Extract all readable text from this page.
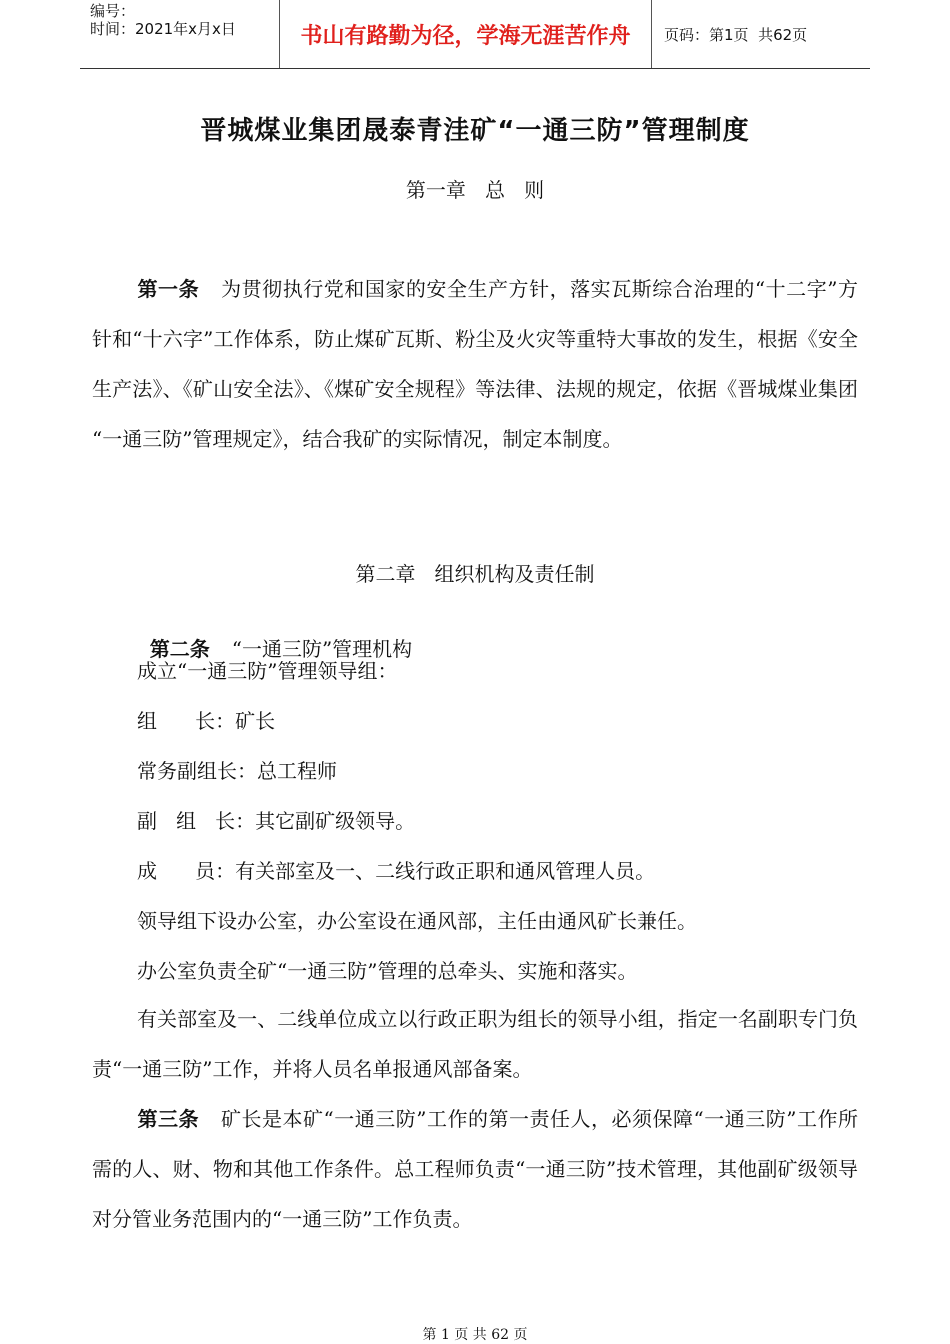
编号：
时间：2021年x月x日	书山有路勤为径，学海无涯苦作舟	页码：第1页  共62页
晋城煤业集团晟泰青洼矿“一通三防”管理制度
第一章   总   则
第一条 为贯彻执行党和国家的安全生产方针，落实瓦斯综合治理的“十二字”方针和“十六字”工作体系，防止煤矿瓦斯、粉尘及火灾等重特大事故的发生，根据《安全生产法》、《矿山安全法》、《煤矿安全规程》等法律、法规的规定，依据《晋城煤业集团 “一通三防”管理规定》，结合我矿的实际情况，制定本制度。
第二章   组织机构及责任制

第二条 “一通三防”管理机构

成立“一通三防”管理领导组：
组      长：矿长
常务副组长：总工程师
副   组   长：其它副矿级领导。
成      员：有关部室及一、二线行政正职和通风管理人员。
领导组下设办公室，办公室设在通风部，主任由通风矿长兼任。
办公室负责全矿“一通三防”管理的总牵头、实施和落实。
有关部室及一、二线单位成立以行政正职为组长的领导小组，指定一名副职专门负责“一通三防”工作，并将人员名单报通风部备案。
第三条 矿长是本矿“一通三防”工作的第一责任人，必须保障“一通三防”工作所需的人、财、物和其他工作条件。总工程师负责“一通三防”技术管理，其他副矿级领导对分管业务范围内的“一通三防”工作负责。
第 1 页 共 62 页
